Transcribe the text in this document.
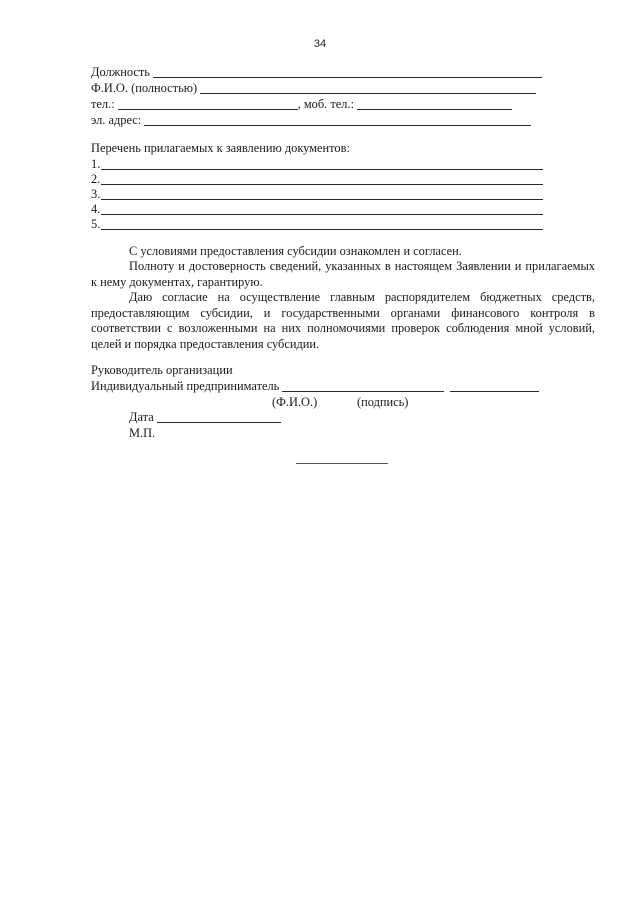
34
Должность
Ф.И.О. (полностью)
тел.:	, моб. тел.:
эл. адрес:
Перечень прилагаемых к заявлению документов:
1.
2.
3.
4.
5.
С условиями предоставления субсидии ознакомлен и согласен.
Полноту и достоверность сведений, указанных в настоящем Заявлении и прилагаемых к нему документах, гарантирую.
Даю согласие на осуществление главным распорядителем бюджетных средств, предоставляющим субсидии, и государственными органами финансового контроля в соответствии с возложенными на них полномочиями проверок соблюдения мной условий, целей и порядка предоставления субсидии.
Руководитель организации
Индивидуальный предприниматель
(Ф.И.О.)	(подпись)
Дата
М.П.
